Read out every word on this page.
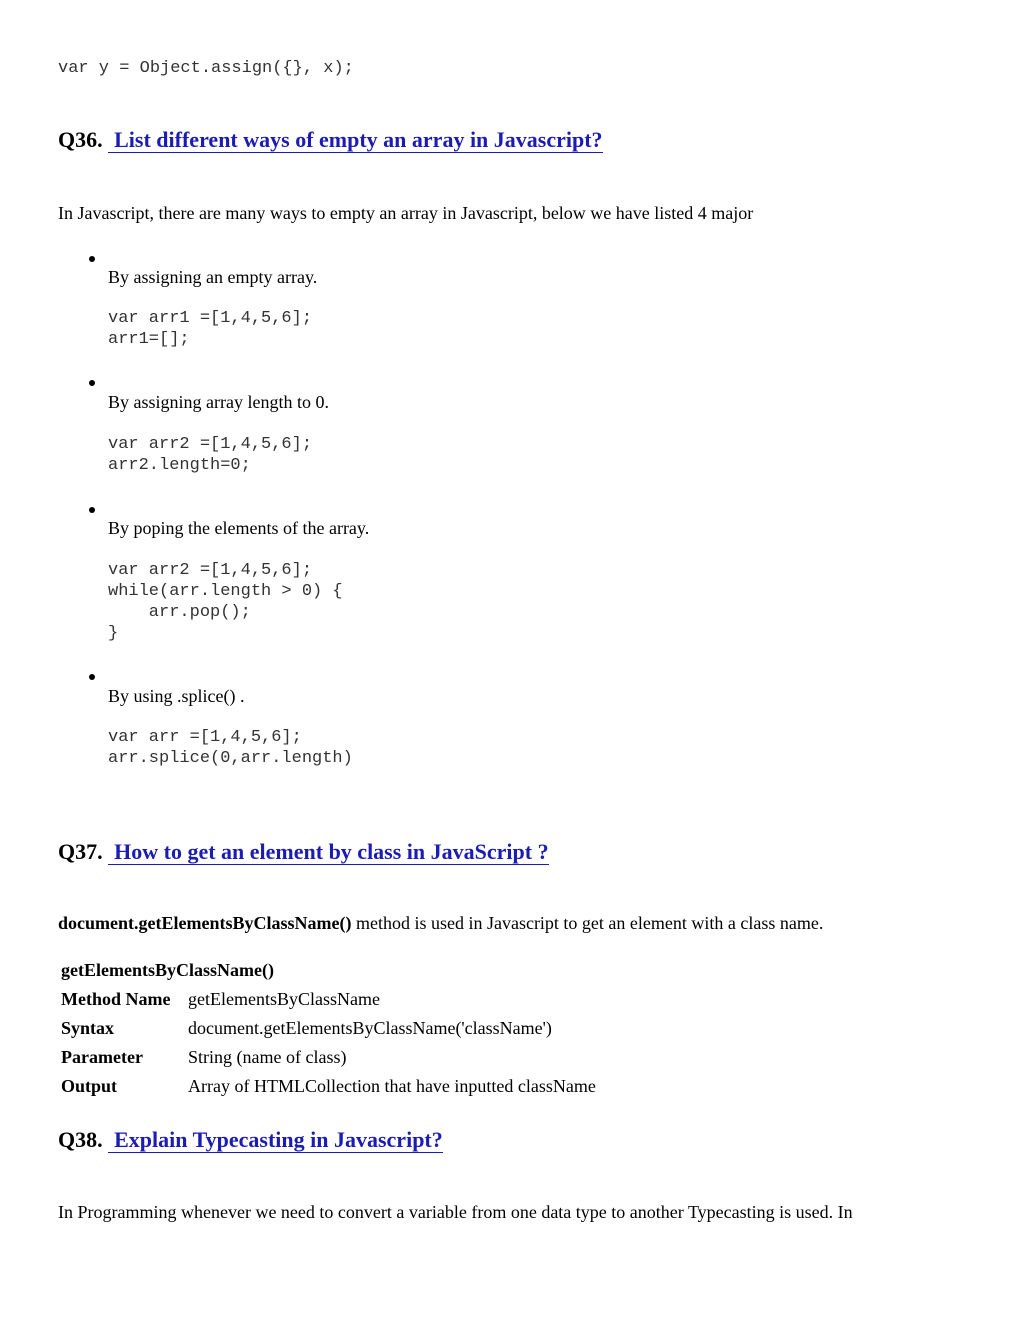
var y = Object.assign({}, x);
Q36. List different ways of empty an array in Javascript?
In Javascript, there are many ways to empty an array in Javascript, below we have listed 4 major
By assigning an empty array.
var arr1 =[1,4,5,6];
arr1=[];
By assigning array length to 0.
var arr2 =[1,4,5,6];
arr2.length=0;
By poping the elements of the array.
var arr2 =[1,4,5,6];
while(arr.length > 0) {
arr.pop();
}
By using .splice() .
var arr =[1,4,5,6];
arr.splice(0,arr.length)
Q37. How to get an element by class in JavaScript ?
document.getElementsByClassName() method is used in Javascript to get an element with a class name.
getElementsByClassName()	
Method Name	getElementsByClassName
Syntax	document.getElementsByClassName('className')
Parameter	String (name of class)
Output	Array of HTMLCollection that have inputted className
Q38. Explain Typecasting in Javascript?
In Programming whenever we need to convert a variable from one data type to another Typecasting is used. In
